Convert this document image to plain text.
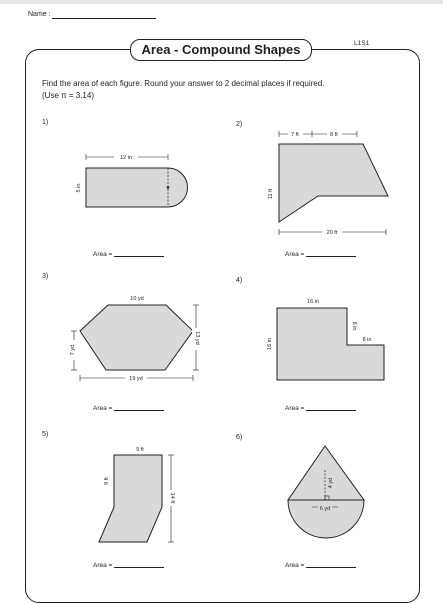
Name :
Area - Compound Shapes	L1S1
Find the area of each figure. Round your answer to 2 decimal places if required.
(Use π = 3.14)
1)	2)
3)
4)
5)	6)
Area =	Area =
Area =	Area =
Area =	Area =
12 in
5 in
7 ft	8 ft
11 ft
20 ft
10 yd
7 yd
13 yd
19 yd
16 in
8 in
8 in
16 in
9 ft
9 ft
14 ft
4 yd
6 yd
